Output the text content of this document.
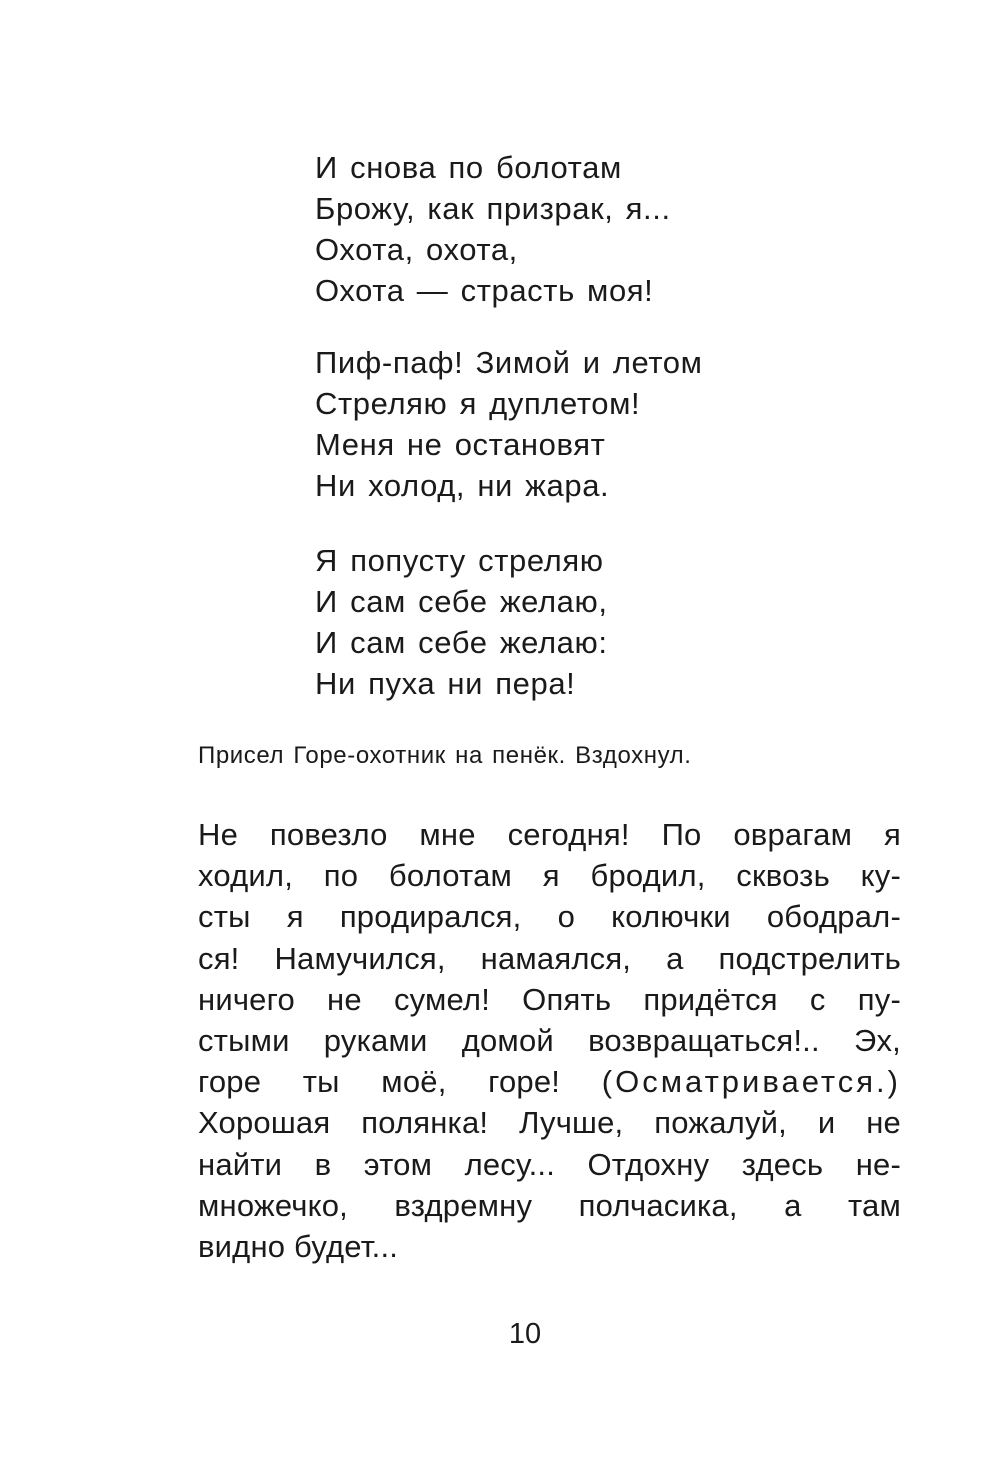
И снова по болотам
Брожу, как призрак, я...
Охота, охота,
Охота — страсть моя!
Пиф-паф! Зимой и летом
Стреляю я дуплетом!
Меня не остановят
Ни холод, ни жара.
Я попусту стреляю
И сам себе желаю,
И сам себе желаю:
Ни пуха ни пера!
Присел Горе-охотник на пенёк. Вздохнул.
Не повезло мне сегодня! По оврагам я
ходил, по болотам я бродил, сквозь ку-
сты я продирался, о колючки ободрал-
ся! Намучился, намаялся, а подстрелить
ничего не сумел! Опять придётся с пу-
стыми руками домой возвращаться!.. Эх,
горе ты моё, горе! (Осматривается.)
Хорошая полянка! Лучше, пожалуй, и не
найти в этом лесу... Отдохну здесь не-
множечко, вздремну полчасика, а там
видно будет...
10
